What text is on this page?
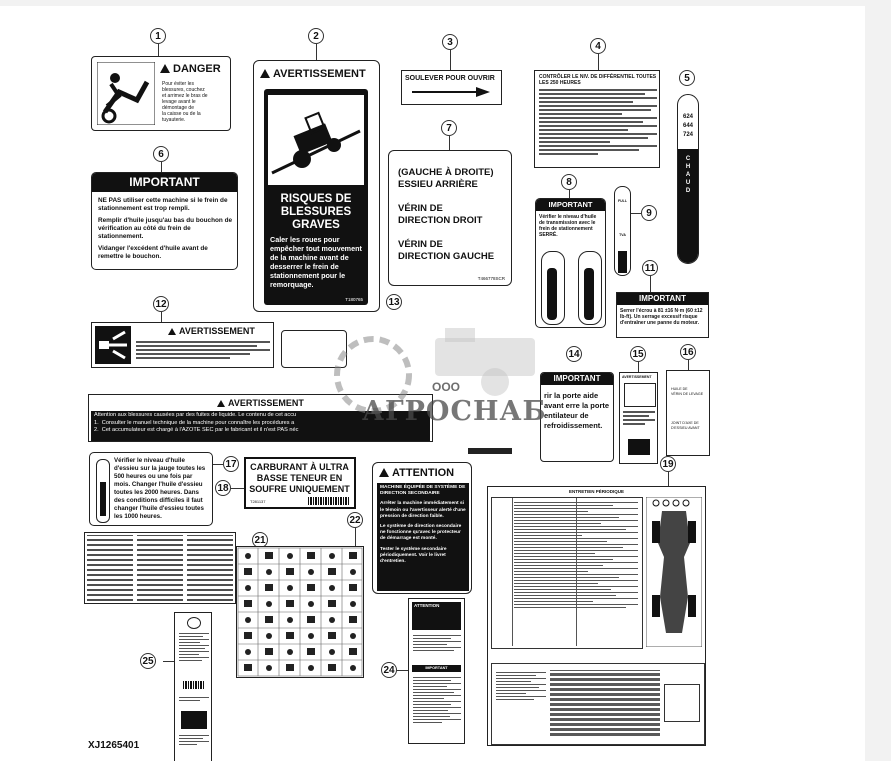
1
DANGER
Pour éviter les
blessures, couchez
et arrimez le bras de
levage avant le
démontage de
la caisse ou de la
tuyauterie.
2
AVERTISSEMENT
RISQUES DE BLESSURES GRAVES
Caler les roues pour empêcher tout mouvement de la machine avant de desserrer le frein de stationnement pour le remorquage.
T180765
3
SOULEVER POUR OUVRIR
4
CONTRÔLER LE NIV. DE DIFFÉRENTIEL TOUTES LES 250 HEURES	5
624
644
724
CHAUD
6
IMPORTANT
NE PAS utiliser cette machine si le frein de stationnement est trop rempli.
Remplir d'huile jusqu'au bas du bouchon de vérification au côté du frein de stationnement.
Vidanger l'excédent d'huile avant de remettre le bouchon.
7
(GAUCHE À DROITE)
ESSIEU ARRIÈRE
VÉRIN DE
DIRECTION DROIT
VÉRIN DE
DIRECTION GAUCHE
T466778SCR
8
IMPORTANT
Vérifier le niveau d'huile de transmission avec le frein de stationnement SERRÉ.
FULL
TVA
9
11
IMPORTANT
Serrer l'écrou à 81 ±16 N·m (60 ±12 lb-ft). Un serrage excessif risque d'entraîner une panne du moteur.
12
AVERTISSEMENT
13
AVERTISSEMENT
Attention aux blessures causées par des fuites de liquide. Le contenu de cet accu
1.  Consulter le manuel technique de la machine pour connaître les procédures a
2.  Cet accumulateur est chargé à l'AZOTE SEC par le fabricant et il n'est PAS néc
14
IMPORTANT
rir la porte aide avant erre la porte entilateur de refroidissement.
15
AVERTISSEMENT
16
HUILE DE
VÉRIN DE LEVAGE
JOINT D'AXE DE
D'ESSIEU AVANT
Vérifier le niveau d'huile d'essieu sur la jauge toutes les 500 heures ou une fois par mois. Changer l'huile d'essieu toutes les 2000 heures. Dans des conditions difficiles il faut changer l'huile d'essieu toutes les 1000 heures.
17
18
CARBURANT À ULTRA
BASSE TENEUR EN
SOUFRE UNIQUEMENT
T281137
ATTENTION
MACHINE ÉQUIPÉE DE SYSTÈME DE DIRECTION SECONDAIRE
Arrêter la machine immédiatement si le témoin ou l'avertisseur alerté d'une pression de direction faible.
Le système de direction secondaire ne fonctionne qu'avec le protecteur de démarrage est monté.
Tester le système secondaire périodiquement. Voir le livret d'entretien.
19
ENTRETIEN PÉRIODIQUE
21
22
ATTENTION
IMPORTANT
24
25
ООО
АГРОСНАБ
XJ1265401
